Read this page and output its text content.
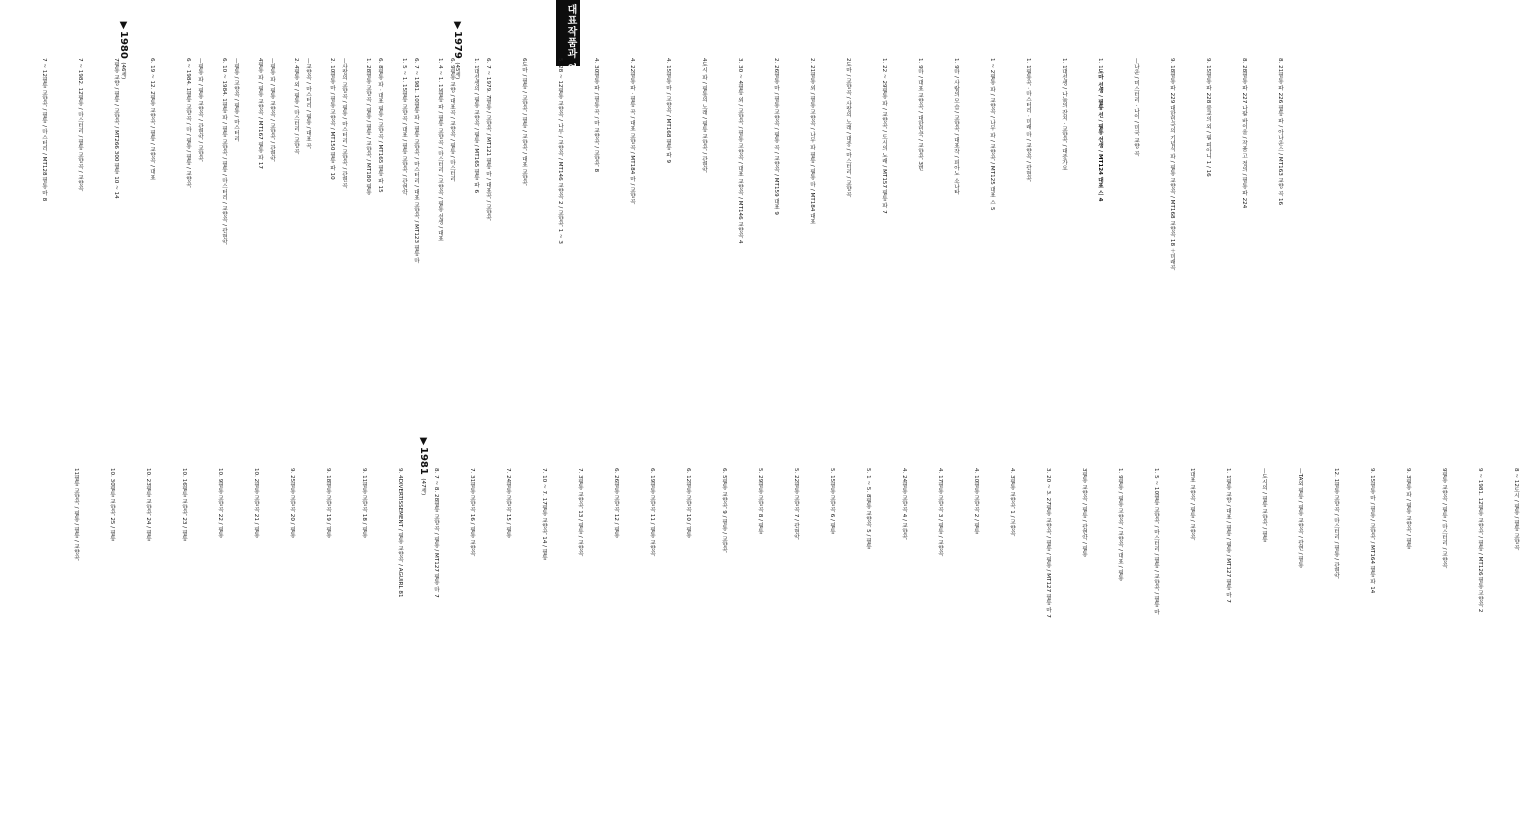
대표작품과 영화
▼1979 (45세)
▼1980 (46세)
▼1981 (47세)
8. 21필통 파 226 필통 파 / 아나운스 / MT163 교향 곡 16
8. 28필통 파 227 나팔 바이올 / 작품 고 정의 / 필통 파 224
9. 15필통 파 228 불교의 외 / 필 피아니 1 / 16
9. 18필통 파 229 대한민국의 기념식 파 / 필통 교향곡 / MT168 교향곡 18 ＋미래곡
—나운 / 미스터리 · 나이 / 미국 교향 곡
1. 1도마 선생 / 필통 선 / 필통 선생 / MT124 대표 스 4
1. 1대선생 / 나눔의 잔치 · 교향곡 / 대중가요
1. 1필통곡 · 마스터리 · 미래 마 / 교향곡 / 관현곡
1 ~ 2필통 파 / 교향곡 / 나무 파 / 교향곡 / MT125 대표 스 5
1. 9마 / 사람의 모습 / 교향곡 / 대표작 / 피아노 소나타
1. 9마 / 대표 교향곡 / 대한민국 / 교향곡 3번
1. 22 ~ 29필통 파 / 교향곡 / 도시의 노래 / MT157 필통 파 7
2도마 / 교향곡 / 사랑의 노래 / 대중 / 마스터리 / 교향곡
2. 21필통 외 / 필통 교향곡 / 나무 파 필통 / 필통 마 / MT184 대표
2. 26필통 마 / 필통 교향곡 / 필통 곡 / 교향곡 / MT159 대표 9
3. 30 ~ 4필통 외 / 교향곡 / 필통 교향곡 / 대표 교향곡 / MT146 교향곡 4
4도시 파 / 필통의 노래 / 필통 교향곡 / 관현악
4. 15필통 마 / 교향곡 / MT168 필통 파 9
4. 22필통 파 · 필통 곡 / 대표 교향곡 / MT184 마 / 교향곡
4. 30필통 파 / 필통 곡 / 마 교향곡 / 교향곡 8
5. 28 ~ 12필통 교향곡 / 나무 / 교향곡 / MT146 교향곡 2 / 교향곡 1 ~ 3
6도마 / 필통 / 교향곡 / 필통 / 교향곡 / 대표 교향곡
6. 7 ~ 1979. 7필통 / 교향곡 / MT121 필통 마 / 대표곡 / 교향곡
6. 9필통 교향 / 대표곡 / 교향곡 / 필통 / 마스터리
6. 7 ~ 1981. 10필통 파 / 필통 교향곡 / 마스터리 / 대표 교향곡 / MT123 필통 마
6. 8필통 파 · 대표 필통 / 교향곡 / MT165 필통 파 15
—사랑의 교향곡 / 필통 / 마스터리 / 교향곡 / 관현곡
—교향곡 / 마스터리 / 필통 / 대표 곡
—필통 파 / 필통 교향곡 / 교향곡 / 관현악
—필통 / 교향곡 / 필통 / 마스터리
—필통 파 / 필통 교향곡 / 관현악 / 교향곡
1. 1대선생의 / 필통 교향곡 / 필통 / MT165 필통 파 6
1. 4 ~ 1. 13필통 파 / 필통 교향곡 / 마스터리 / 교향곡 / 필통 선생 / 대표
1. 5 ~ 1. 15필통 교향곡 / 대표 / 필통 교향곡 / 관현악
1. 28필통 교향곡 / 필통 / 필통 / 교향곡 / MT180 필통
2. 10필통 마 / 필통 교향곡 / MT150 필통 파 10
2. 4필통 외 / 필통 / 마스터리 / 교향곡
4필통 파 / 필통 교향곡 / MT167 필통 파 17
6. 10 ~ 1984. 1필통 파 / 필통 교향곡 / 필통 / 마스터리 / 교향곡 / 관현악
6 ~ 1984. 1필통 교향곡 / 마 / 필통 / 필통 / 교향곡
6. 19 ~ 12. 2필통 교향곡 / 필통 / 교향곡 / 대표
7필통 교향 / 필통 / 교향곡 / MT266 300 필통 10 ~ 14
7 ~ 1982. 12필통 / 마스터리 / 필통 교향곡 / 교향곡
7 ~ 12필통 교향곡 / 필통 / 마스터리 / MT128 필통 마 8
8 ~ 12도시 / 필통 / 필통 교향곡
9 ~ 1981. 12필통 교향곡 / 필통 / MT126 필통 교향곡 2
9필통 교향곡 / 필통 / 마스터리 / 교향곡
9. 3필통 파 / 필통 교향곡 / 필통
9. 15필통 마 / 필통 / 교향곡 / MT164 필통 파 14
12. 1필통 교향곡 / 마스터리 / 필통 / 관현악
—TA외 필통 / 필통 교향곡 / 관현 / 필통
—도시의 / 필통 교향곡 / 필통
1. 1필통 교향 / 대표 / 필통 / 필통 / MT127 필통 마 7
1대표 교향곡 / 필통 / 교향곡
1. 5 ~ 10필통 교향곡 / 마스터리 / 필통 / 교향곡 / 필통 마
1. 9필통 / 필통 교향곡 / 교향곡 / 대표 / 필통
3필통 교향곡 / 필통 / 관현악 / 필통
3. 20 ~ 3. 27필통 교향곡 / 필통 / 필통 / MT127 필통 마 7
4. 3필통 교향곡 1 / 교향곡
4. 10필통 교향곡 2 / 필통
4. 17필통 교향곡 3 / 필통 / 교향곡
4. 24필통 교향곡 4 / 교향곡
5. 1 ~ 5. 8필통 교향곡 5 / 필통
5. 15필통 교향곡 6 / 필통
5. 22필통 교향곡 7 / 관현악
5. 29필통 교향곡 8 / 필통
6. 5필통 교향곡 9 / 필통 / 교향곡
6. 12필통 교향곡 10 / 필통
6. 19필통 교향곡 11 / 필통 교향곡
6. 26필통 교향곡 12 / 필통
7. 3필통 교향곡 13 / 필통 / 교향곡
7. 10 ~ 7. 17필통 교향곡 14 / 필통
7. 24필통 교향곡 15 / 필통
7. 31필통 교향곡 16 / 필통 교향곡
8. 7 ~ 8. 28필통 교향곡 / 필통 / MT127 필통 마 7
9. 4DIVERTISSEMENT / 필통 교향곡 / AGUIRL 81
9. 11필통 교향곡 18 / 필통
9. 18필통 교향곡 19 / 필통
9. 25필통 교향곡 20 / 필통
10. 2필통 교향곡 21 / 필통
10. 9필통 교향곡 22 / 필통
10. 16필통 교향곡 23 / 필통
10. 23필통 교향곡 24 / 필통
10. 30필통 교향곡 25 / 필통
11필통 교향곡 / 필통 / 필통 / 교향곡
